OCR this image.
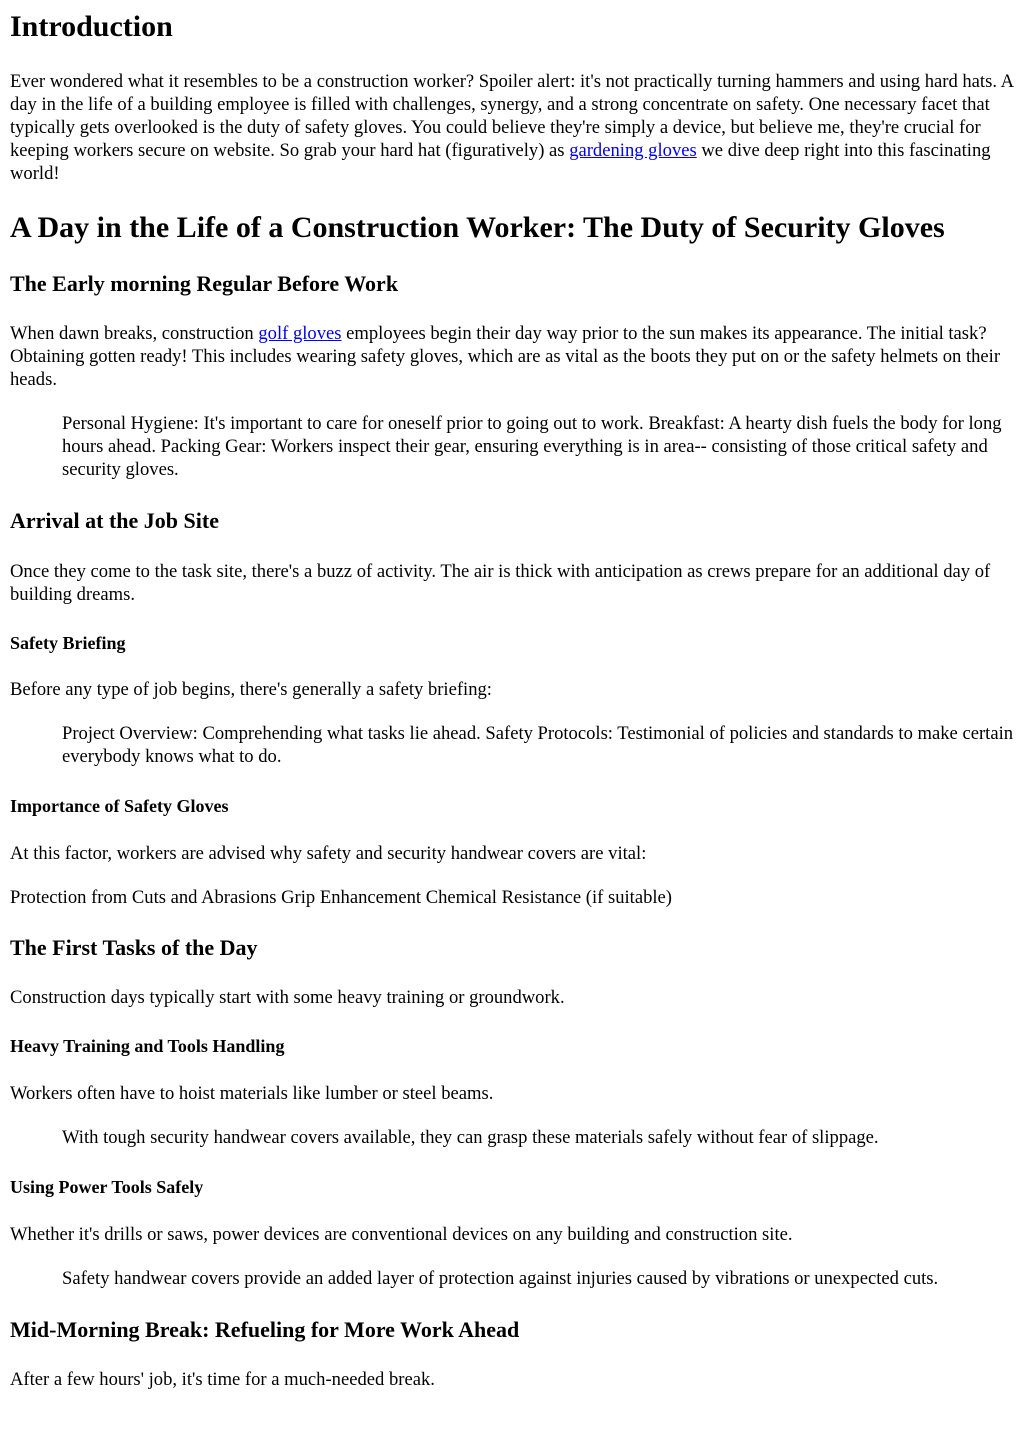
Introduction

Ever wondered what it resembles to be a construction worker? Spoiler alert: it's not practically turning hammers and using hard hats. A day in the life of a building employee is filled with challenges, synergy, and a strong concentrate on safety. One necessary facet that typically gets overlooked is the duty of safety gloves. You could believe they're simply a device, but believe me, they're crucial for keeping workers secure on website. So grab your hard hat (figuratively) as gardening gloves we dive deep right into this fascinating world!

A Day in the Life of a Construction Worker: The Duty of Security Gloves
The Early morning Regular Before Work

When dawn breaks, construction golf gloves employees begin their day way prior to the sun makes its appearance. The initial task? Obtaining gotten ready! This includes wearing safety gloves, which are as vital as the boots they put on or the safety helmets on their heads.

Personal Hygiene: It's important to care for oneself prior to going out to work. Breakfast: A hearty dish fuels the body for long hours ahead. Packing Gear: Workers inspect their gear, ensuring everything is in area-- consisting of those critical safety and security gloves.
Arrival at the Job Site

Once they come to the task site, there's a buzz of activity. The air is thick with anticipation as crews prepare for an additional day of building dreams.

Safety Briefing

Before any type of job begins, there's generally a safety briefing:

Project Overview: Comprehending what tasks lie ahead. Safety Protocols: Testimonial of policies and standards to make certain everybody knows what to do.
Importance of Safety Gloves

At this factor, workers are advised why safety and security handwear covers are vital:

Protection from Cuts and Abrasions Grip Enhancement Chemical Resistance (if suitable)

The First Tasks of the Day

Construction days typically start with some heavy training or groundwork.

Heavy Training and Tools Handling

Workers often have to hoist materials like lumber or steel beams.

With tough security handwear covers available, they can grasp these materials safely without fear of slippage.
Using Power Tools Safely

Whether it's drills or saws, power devices are conventional devices on any building and construction site.

Safety handwear covers provide an added layer of protection against injuries caused by vibrations or unexpected cuts.
Mid-Morning Break: Refueling for More Work Ahead

After a few hours' job, it's time for a much-needed break.
